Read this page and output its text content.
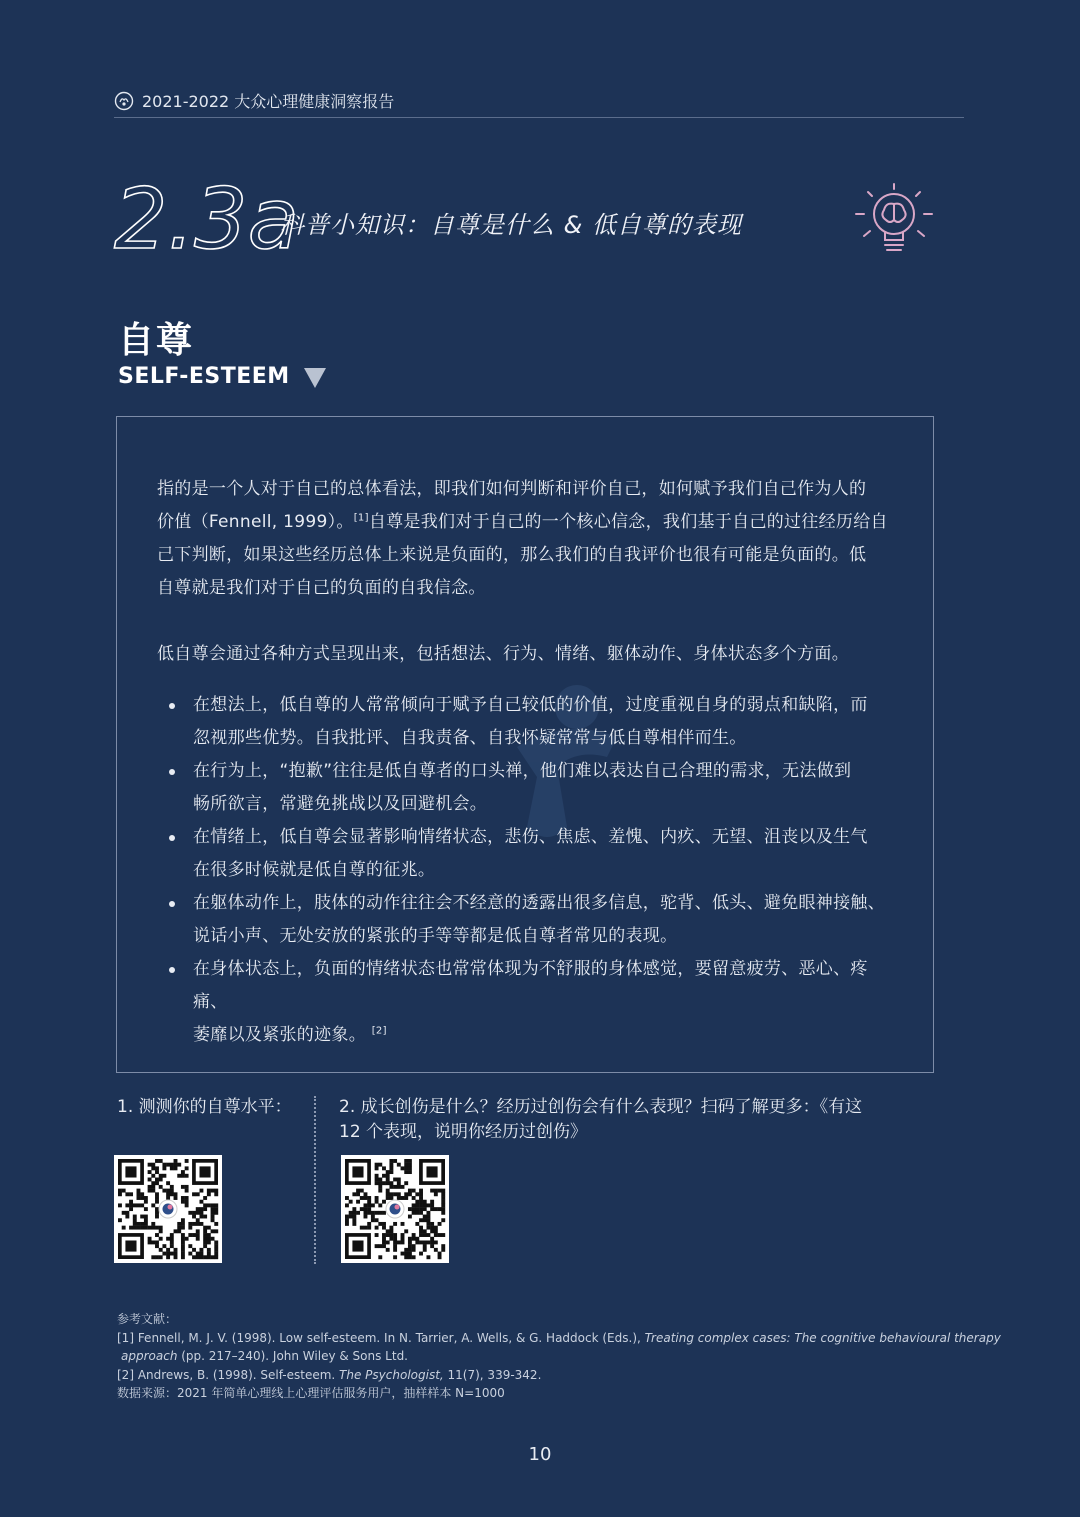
2021-2022 大众心理健康洞察报告
2.3a
科普小知识：自尊是什么 & 低自尊的表现
自尊
SELF-ESTEEM

指的是一个人对于自己的总体看法，即我们如何判断和评价自己，如何赋予我们自己作为人的
价值（Fennell, 1999）。[1]自尊是我们对于自己的一个核心信念，我们基于自己的过往经历给自
己下判断，如果这些经历总体上来说是负面的，那么我们的自我评价也很有可能是负面的。低
自尊就是我们对于自己的负面的自我信念。

低自尊会通过各种方式呈现出来，包括想法、行为、情绪、躯体动作、身体状态多个方面。

在想法上，低自尊的人常常倾向于赋予自己较低的价值，过度重视自身的弱点和缺陷，而
忽视那些优势。自我批评、自我责备、自我怀疑常常与低自尊相伴而生。
在行为上，“抱歉”往往是低自尊者的口头禅，他们难以表达自己合理的需求，无法做到
畅所欲言，常避免挑战以及回避机会。
在情绪上，低自尊会显著影响情绪状态，悲伤、焦虑、羞愧、内疚、无望、沮丧以及生气
在很多时候就是低自尊的征兆。
在躯体动作上，肢体的动作往往会不经意的透露出很多信息，驼背、低头、避免眼神接触、
说话小声、无处安放的紧张的手等等都是低自尊者常见的表现。
在身体状态上，负面的情绪状态也常常体现为不舒服的身体感觉，要留意疲劳、恶心、疼痛、
萎靡以及紧张的迹象。 [2]
1. 测测你的自尊水平：	2. 成长创伤是什么？经历过创伤会有什么表现？扫码了解更多：《有这
12 个表现，说明你经历过创伤》
参考文献：
[1] Fennell, M. J. V. (1998). Low self-esteem. In N. Tarrier, A. Wells, & G. Haddock (Eds.), Treating complex cases: The cognitive behavioural therapy
approach (pp. 217–240). John Wiley & Sons Ltd.
[2] Andrews, B. (1998). Self-esteem. The Psychologist, 11(7), 339-342.
数据来源：2021 年简单心理线上心理评估服务用户，抽样样本 N=1000
10
